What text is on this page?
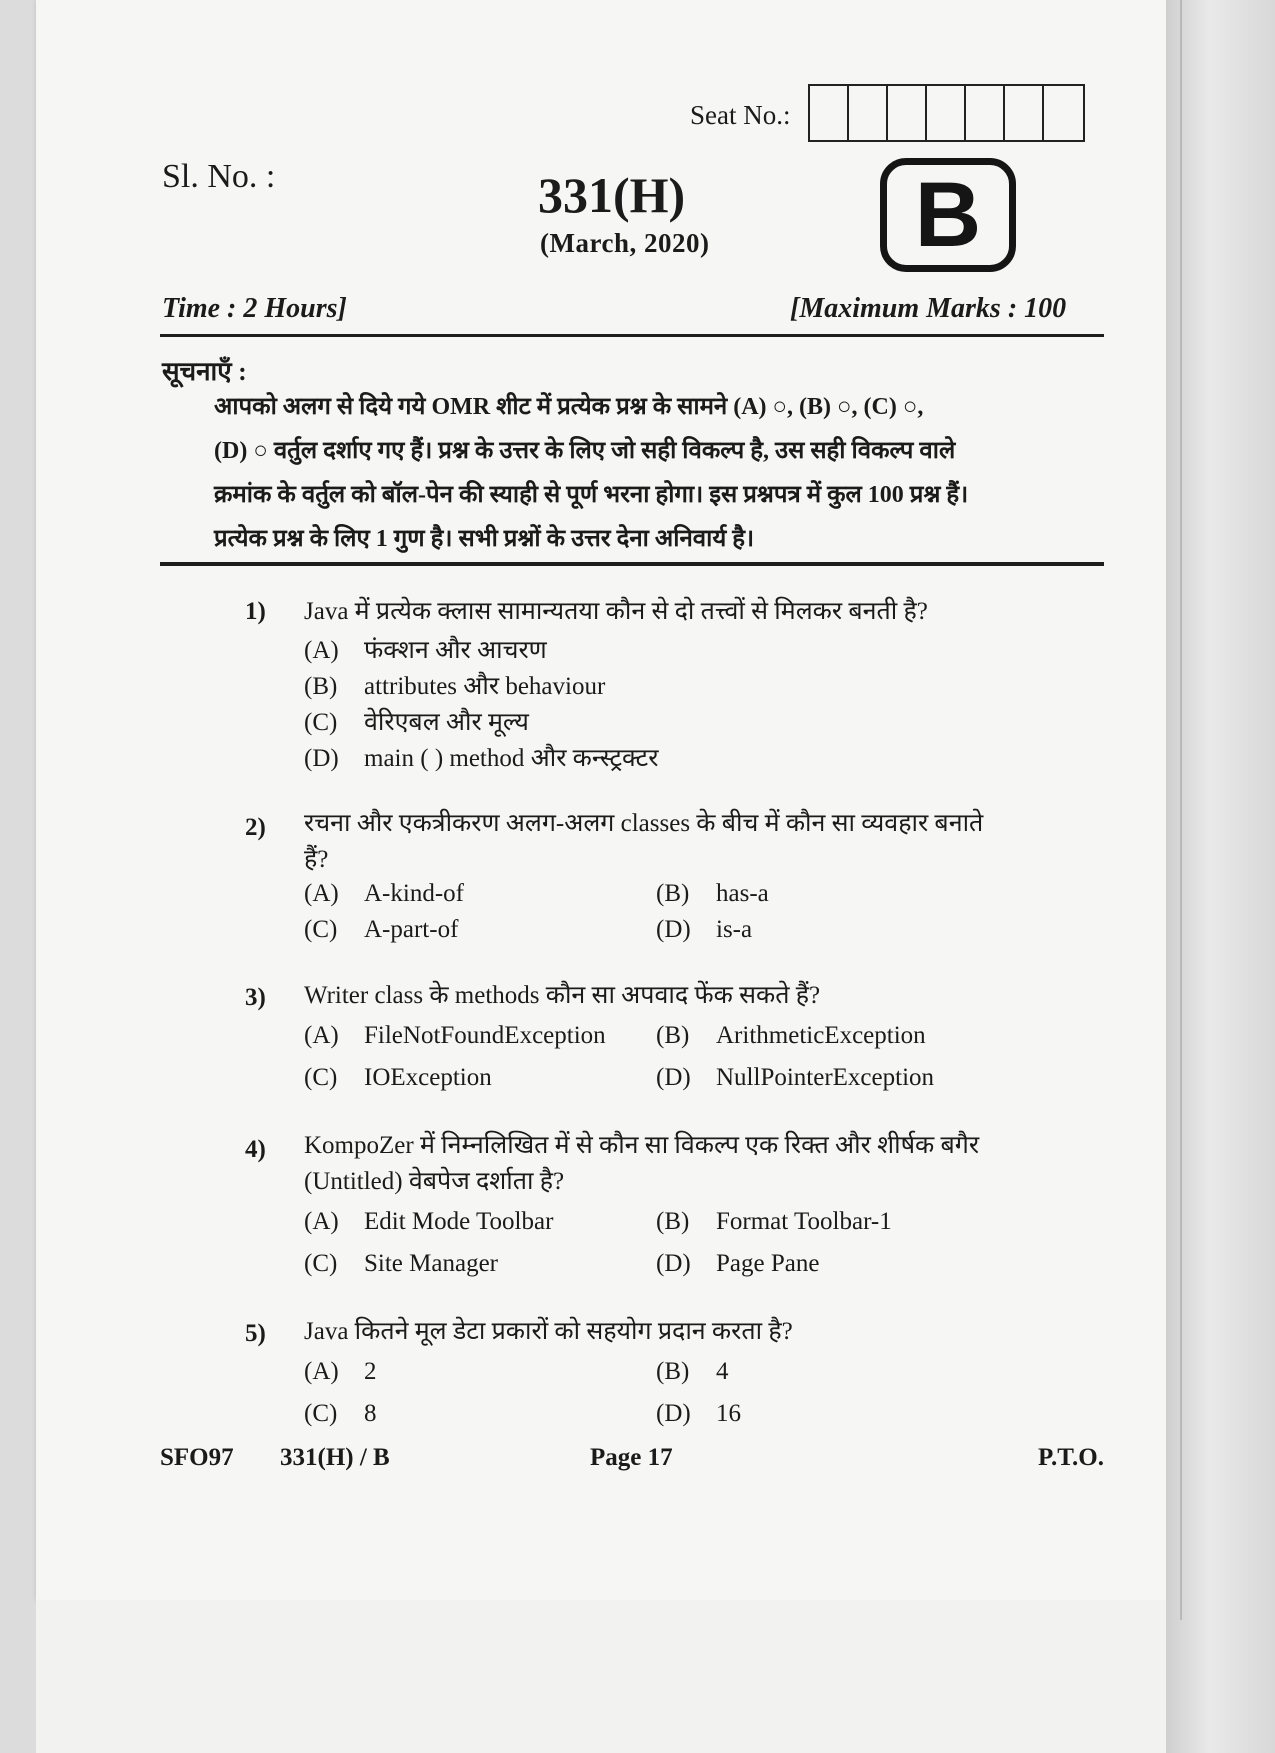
Seat No.:
Sl. No. :	331(H)
(March, 2020)	B
Time : 2 Hours]	[Maximum Marks : 100
सूचनाएँ :
आपको अलग से दिये गये OMR शीट में प्रत्येक प्रश्न के सामने (A) ○, (B) ○, (C) ○,
(D) ○ वर्तुल दर्शाए गए हैं। प्रश्न के उत्तर के लिए जो सही विकल्प है, उस सही विकल्प वाले
क्रमांक के वर्तुल को बॉल-पेन की स्याही से पूर्ण भरना होगा। इस प्रश्नपत्र में कुल 100 प्रश्न हैं।
प्रत्येक प्रश्न के लिए 1 गुण है। सभी प्रश्नों के उत्तर देना अनिवार्य है।
1) Java में प्रत्येक क्लास सामान्यतया कौन से दो तत्त्वों से मिलकर बनती है?
(A) फंक्शन और आचरण
(B) attributes और behaviour
(C) वेरिएबल और मूल्य
(D) main ( ) method और कन्स्ट्रक्टर
2) रचना और एकत्रीकरण अलग-अलग classes के बीच में कौन सा व्यवहार बनाते हैं?
(A) A-kind-of	(B) has-a
(C) A-part-of	(D) is-a
3) Writer class के methods कौन सा अपवाद फेंक सकते हैं?
(A) FileNotFoundException (B) ArithmeticException
(C) IOException	(D) NullPointerException
4) KompoZer में निम्नलिखित में से कौन सा विकल्प एक रिक्त और शीर्षक बगैर (Untitled) वेबपेज दर्शाता है?
(A) Edit Mode Toolbar	(B) Format Toolbar-1
(C) Site Manager	(D) Page Pane
5) Java कितने मूल डेटा प्रकारों को सहयोग प्रदान करता है?
(A) 2	(B) 4
(C) 8	(D) 16
SFO97 331(H) / B	Page 17	P.T.O.
